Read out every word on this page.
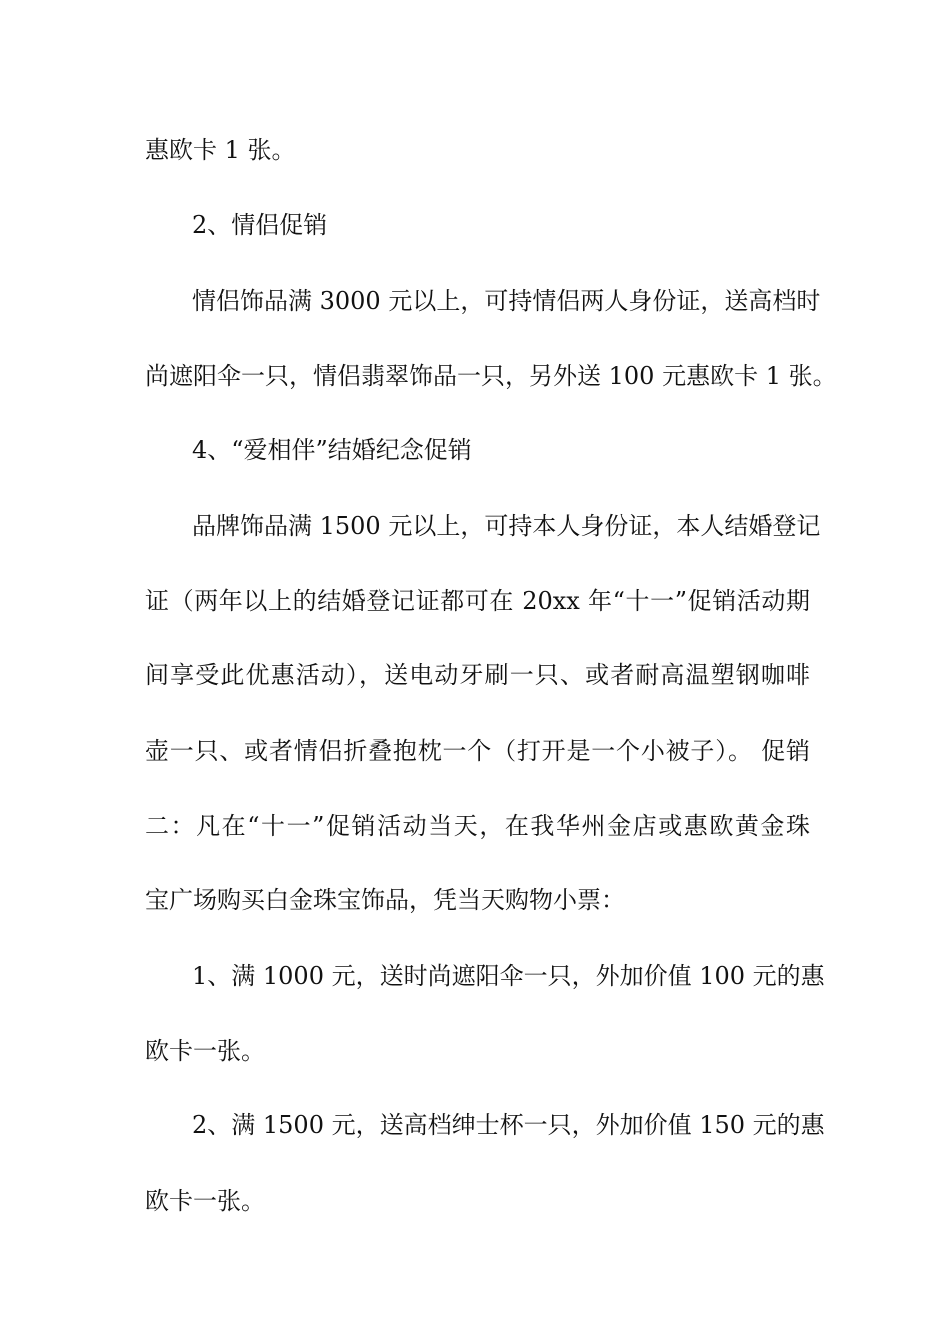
惠欧卡 1 张。
2、情侣促销
情侣饰品满 3000 元以上，可持情侣两人身份证，送高档时
尚遮阳伞一只，情侣翡翠饰品一只，另外送 100 元惠欧卡 1 张。
4、“爱相伴”结婚纪念促销
品牌饰品满 1500 元以上，可持本人身份证，本人结婚登记
证（两年以上的结婚登记证都可在 20xx 年“十一”促销活动期
间享受此优惠活动），送电动牙刷一只、或者耐高温塑钢咖啡
壶一只、或者情侣折叠抱枕一个（打开是一个小被子）。 促销
二：凡在“十一”促销活动当天，在我华州金店或惠欧黄金珠
宝广场购买白金珠宝饰品，凭当天购物小票：
1、满 1000 元，送时尚遮阳伞一只，外加价值 100 元的惠
欧卡一张。
2、满 1500 元，送高档绅士杯一只，外加价值 150 元的惠
欧卡一张。
